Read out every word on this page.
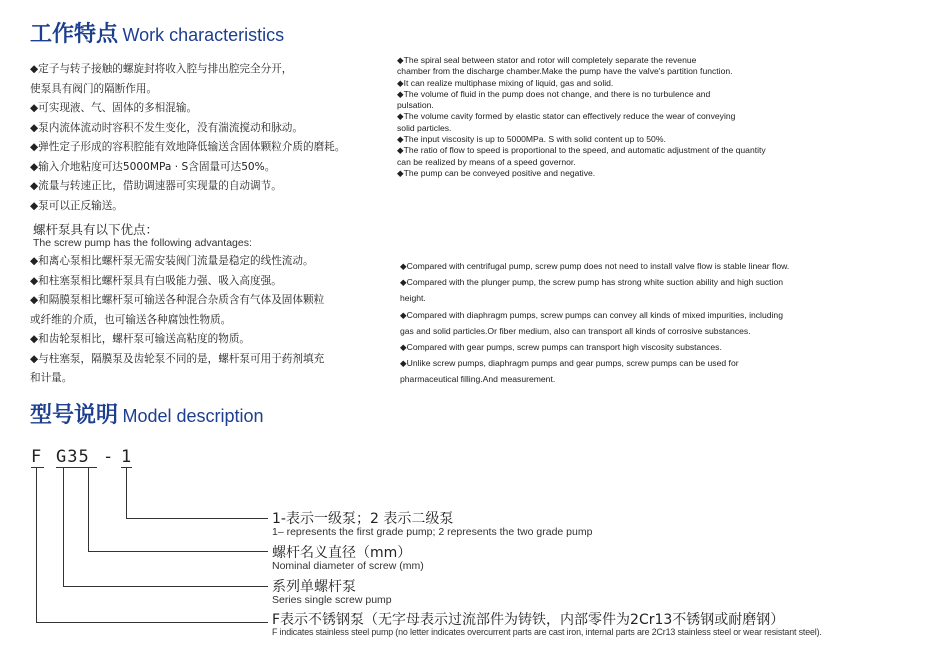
工作特点 Work characteristics
◆定子与转子接触的螺旋封将收入腔与排出腔完全分开，
使泵具有阀门的隔断作用。
◆可实现液、气、固体的多相混输。
◆泵内流体流动时容积不发生变化，没有湍流搅动和脉动。
◆弹性定子形成的容积腔能有效地降低输送含固体颗粒介质的磨耗。
◆输入介地粘度可达5000MPa · S含固量可达50%。
◆流量与转速正比，借助调速器可实现量的自动调节。
◆泵可以正反输送。
◆The spiral seal between stator and rotor will completely separate the revenue
chamber from the discharge chamber.Make the pump have the valve's partition function.
◆It can realize multiphase mixing of liquid, gas and solid.
◆The volume of fluid in the pump does not change, and there is no turbulence and
pulsation.
◆The volume cavity formed by elastic stator can effectively reduce the wear of conveying
solid particles.
◆The input viscosity is up to 5000MPa. S with solid content up to 50%.
◆The ratio of flow to speed is proportional to the speed, and automatic adjustment of the quantity
can be realized by means of a speed governor.
◆The pump can be conveyed positive and negative.
螺杆泵具有以下优点：
The screw pump has the following advantages:
◆和离心泵相比螺杆泵无需安装阀门流量是稳定的线性流动。
◆和柱塞泵相比螺杆泵具有白吸能力强、吸入高度强。
◆和隔膜泵相比螺杆泵可输送各种混合杂质含有气体及固体颗粒
或纤维的介质，也可输送各种腐蚀性物质。
◆和齿轮泵相比，螺杆泵可输送高粘度的物质。
◆与柱塞泵，隔膜泵及齿轮泵不同的是，螺杆泵可用于药剂填充
和计量。
◆Compared with centrifugal pump, screw pump does not need to install valve flow is stable linear flow.
◆Compared with the plunger pump, the screw pump has strong white suction ability and high suction
height.
◆Compared with diaphragm pumps, screw pumps can convey all kinds of mixed impurities, including
gas and solid particles.Or fiber medium, also can transport all kinds of corrosive substances.
◆Compared with gear pumps, screw pumps can transport high viscosity substances.
◆Unlike screw pumps, diaphragm pumps and gear pumps, screw pumps can be used for
pharmaceutical filling.And measurement.
型号说明 Model description
F G35 - 1
1-表示一级泵；2 表示二级泵
1– represents the first grade pump; 2 represents the two grade pump
螺杆名义直径（mm）
Nominal diameter of screw (mm)
系列单螺杆泵
Series single screw pump
F表示不锈钢泵（无字母表示过流部件为铸铁，内部零件为2Cr13不锈钢或耐磨钢）
F indicates stainless steel pump (no letter indicates overcurrent parts are cast iron, internal parts are 2Cr13 stainless steel or wear resistant steel).
